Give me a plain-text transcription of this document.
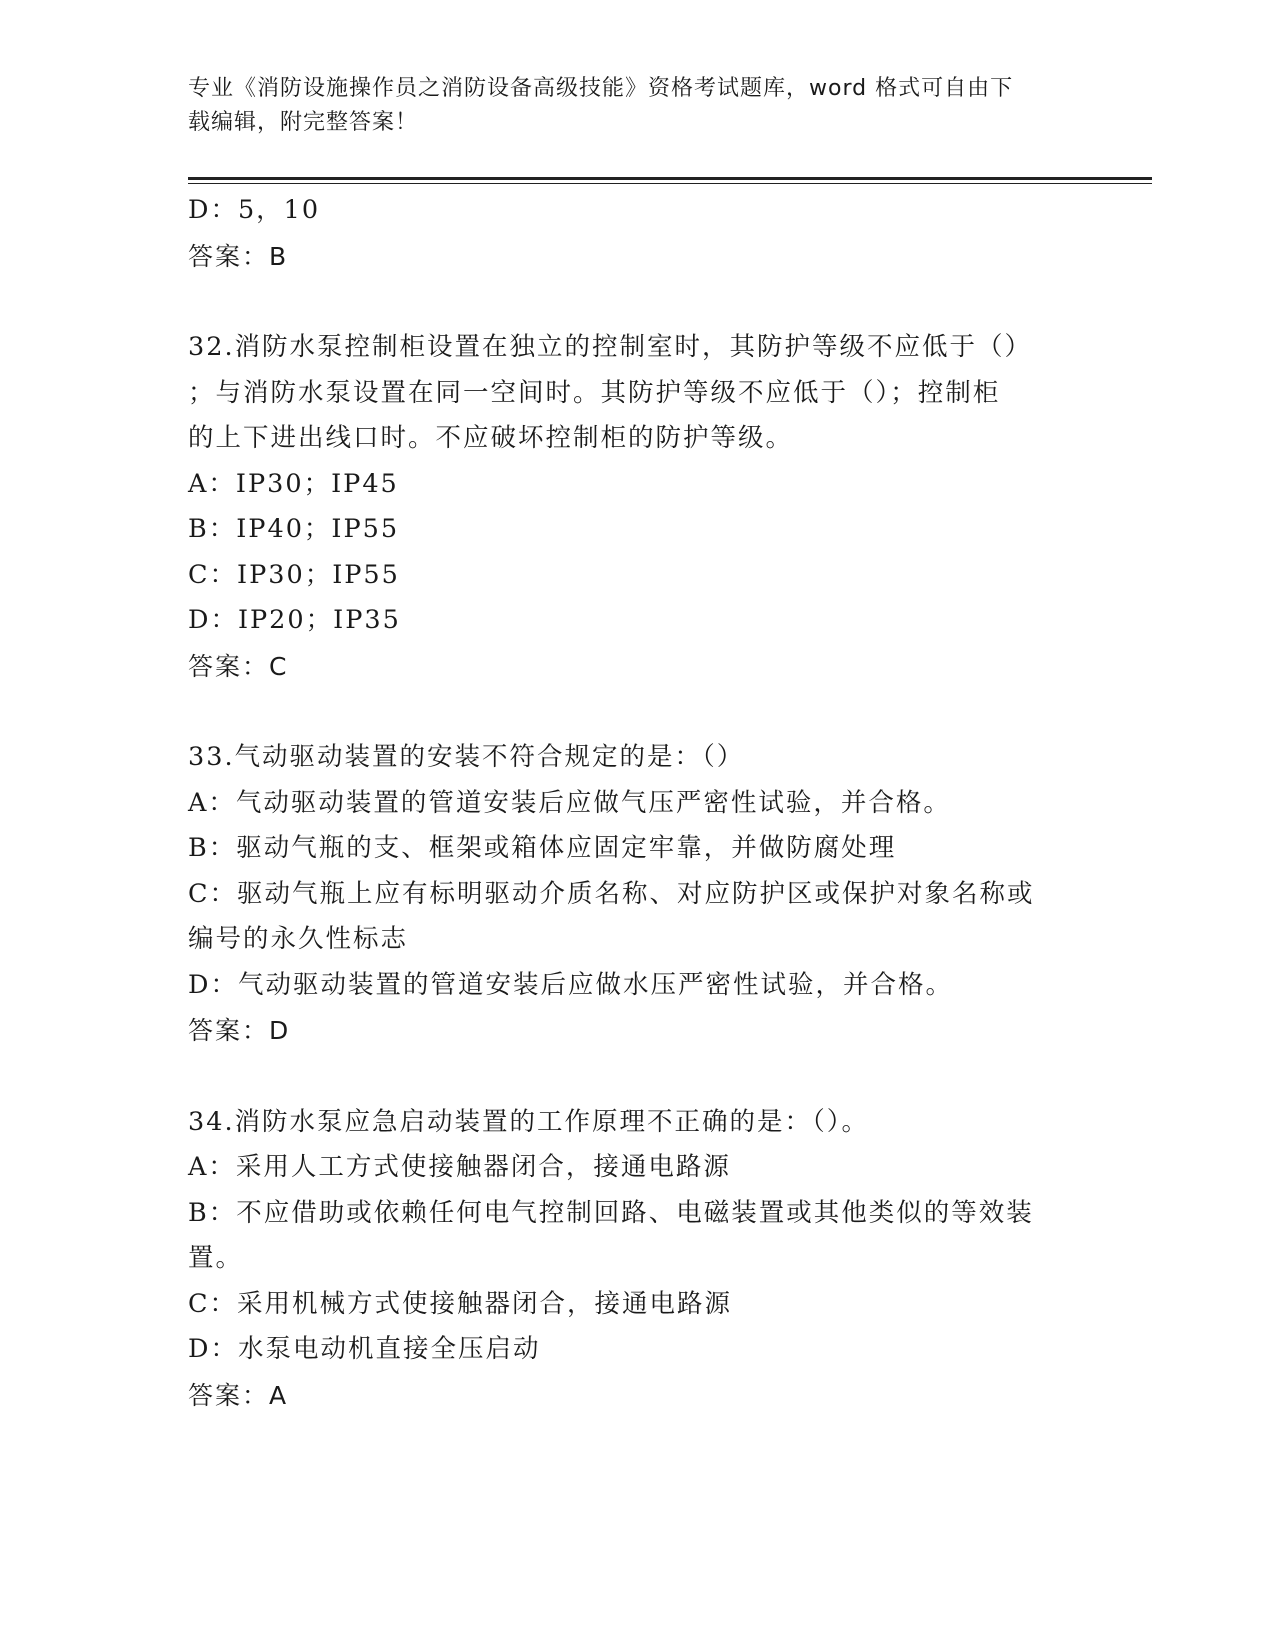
专业《消防设施操作员之消防设备高级技能》资格考试题库，word 格式可自由下
载编辑，附完整答案！
D：5，10
答案：B
32.消防水泵控制柜设置在独立的控制室时，其防护等级不应低于（）
；与消防水泵设置在同一空间时。其防护等级不应低于（）；控制柜
的上下进出线口时。不应破坏控制柜的防护等级。
A：IP30；IP45
B：IP40；IP55
C：IP30；IP55
D：IP20；IP35
答案：C
33.气动驱动装置的安装不符合规定的是：（）
A：气动驱动装置的管道安装后应做气压严密性试验，并合格。
B：驱动气瓶的支、框架或箱体应固定牢靠，并做防腐处理
C：驱动气瓶上应有标明驱动介质名称、对应防护区或保护对象名称或
编号的永久性标志
D：气动驱动装置的管道安装后应做水压严密性试验，并合格。
答案：D
34.消防水泵应急启动装置的工作原理不正确的是：（）。
A：采用人工方式使接触器闭合，接通电路源
B：不应借助或依赖任何电气控制回路、电磁装置或其他类似的等效装
置。
C：采用机械方式使接触器闭合，接通电路源
D：水泵电动机直接全压启动
答案：A
